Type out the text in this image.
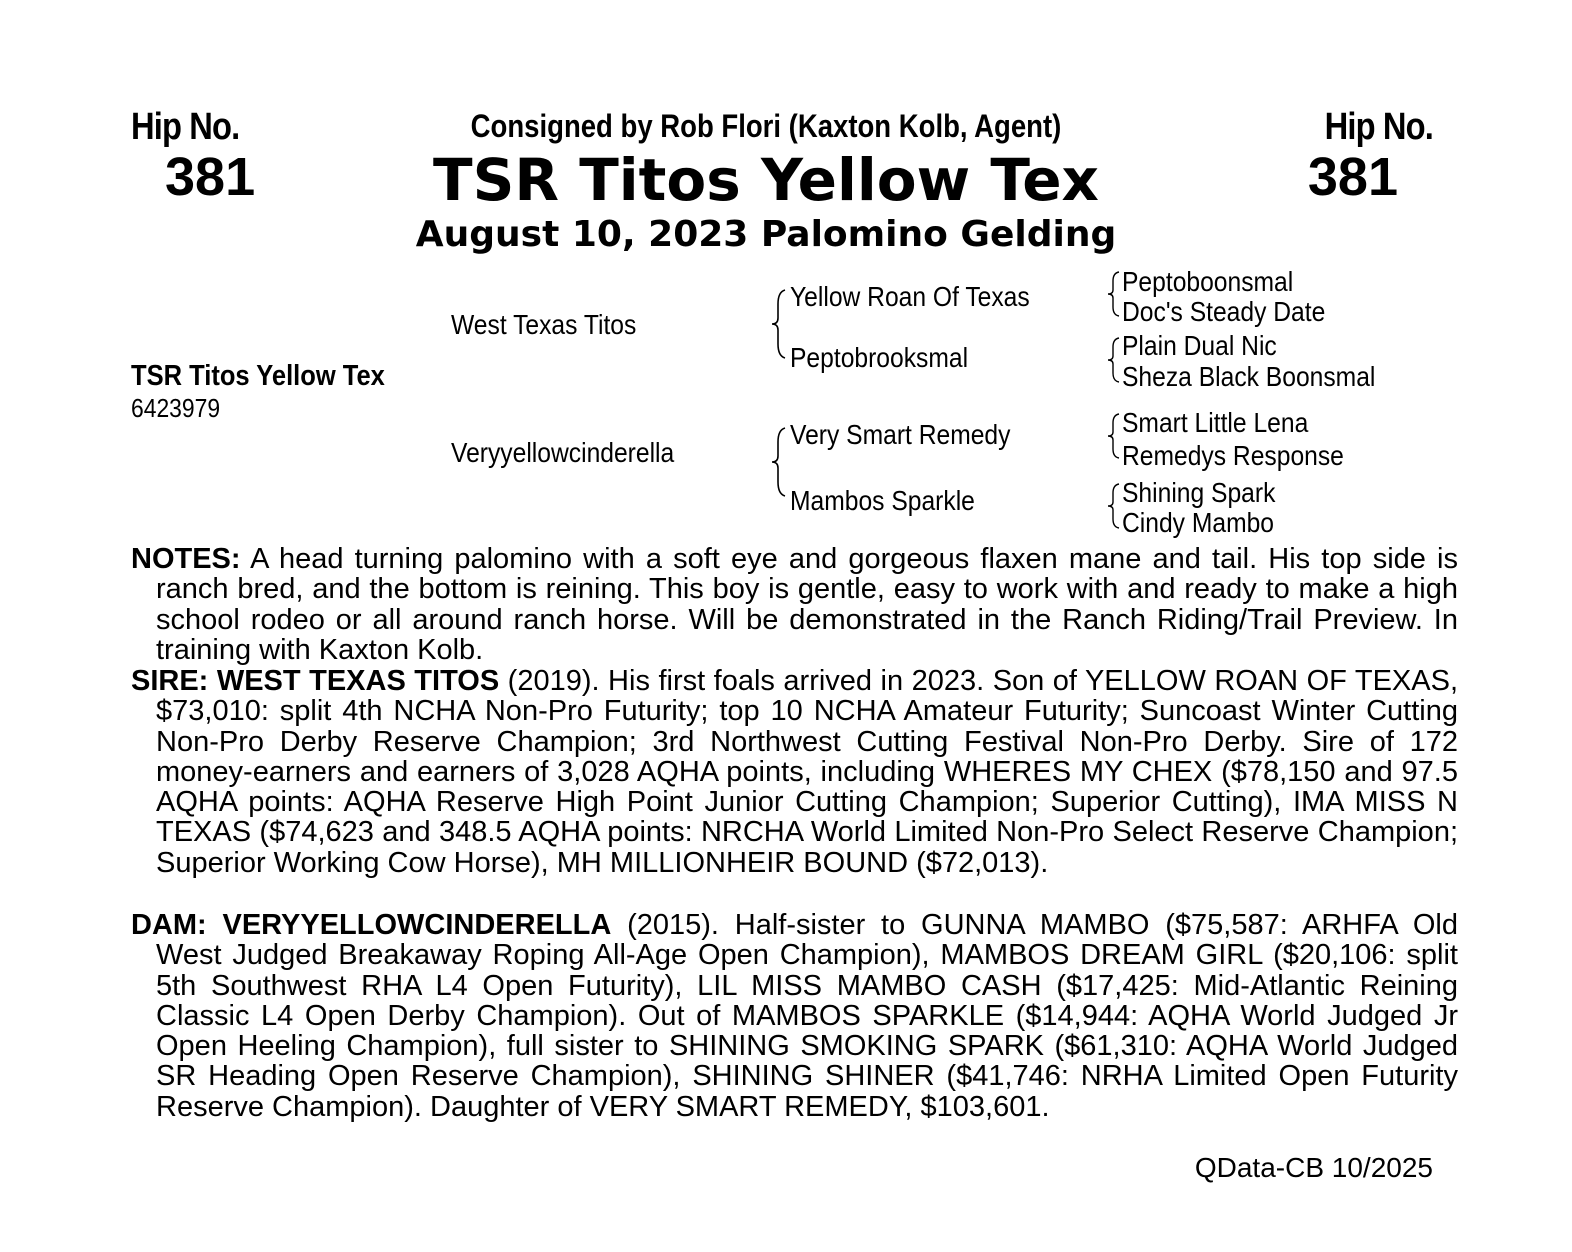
Hip No.
381
Hip No.
381
Consigned by Rob Flori (Kaxton Kolb, Agent)
TSR Titos Yellow Tex
August 10, 2023 Palomino Gelding
TSR Titos Yellow Tex
6423979
West Texas Titos
Veryyellowcinderella
Yellow Roan Of Texas
Peptobrooksmal
Very Smart Remedy
Mambos Sparkle
Peptoboonsmal
Doc's Steady Date
Plain Dual Nic
Sheza Black Boonsmal
Smart Little Lena
Remedys Response
Shining Spark
Cindy Mambo
NOTES: A head turning palomino with a soft eye and gorgeous flaxen mane and tail. His top side is ranch bred, and the bottom is reining. This boy is gentle, easy to work with and ready to make a high school rodeo or all around ranch horse. Will be demonstrated in the Ranch Riding/Trail Preview. In training with Kaxton Kolb.
SIRE: WEST TEXAS TITOS (2019). His first foals arrived in 2023. Son of YELLOW ROAN OF TEXAS, $73,010: split 4th NCHA Non-Pro Futurity; top 10 NCHA Amateur Futurity; Suncoast Winter Cutting Non-Pro Derby Reserve Champion; 3rd Northwest Cutting Festival Non-Pro Derby. Sire of 172 money-earners and earners of 3,028 AQHA points, including WHERES MY CHEX ($78,150 and 97.5 AQHA points: AQHA Reserve High Point Junior Cutting Champion; Superior Cutting), IMA MISS N TEXAS ($74,623 and 348.5 AQHA points: NRCHA World Limited Non-Pro Select Reserve Champion; Superior Working Cow Horse), MH MILLIONHEIR BOUND ($72,013).
DAM: VERYYELLOWCINDERELLA (2015). Half-sister to GUNNA MAMBO ($75,587: ARHFA Old West Judged Breakaway Roping All-Age Open Champion), MAMBOS DREAM GIRL ($20,106: split 5th Southwest RHA L4 Open Futurity), LIL MISS MAMBO CASH ($17,425: Mid-Atlantic Reining Classic L4 Open Derby Champion). Out of MAMBOS SPARKLE ($14,944: AQHA World Judged Jr Open Heeling Champion), full sister to SHINING SMOKING SPARK ($61,310: AQHA World Judged SR Heading Open Reserve Champion), SHINING SHINER ($41,746: NRHA Limited Open Futurity Reserve Champion). Daughter of VERY SMART REMEDY, $103,601.
QData-CB 10/2025
